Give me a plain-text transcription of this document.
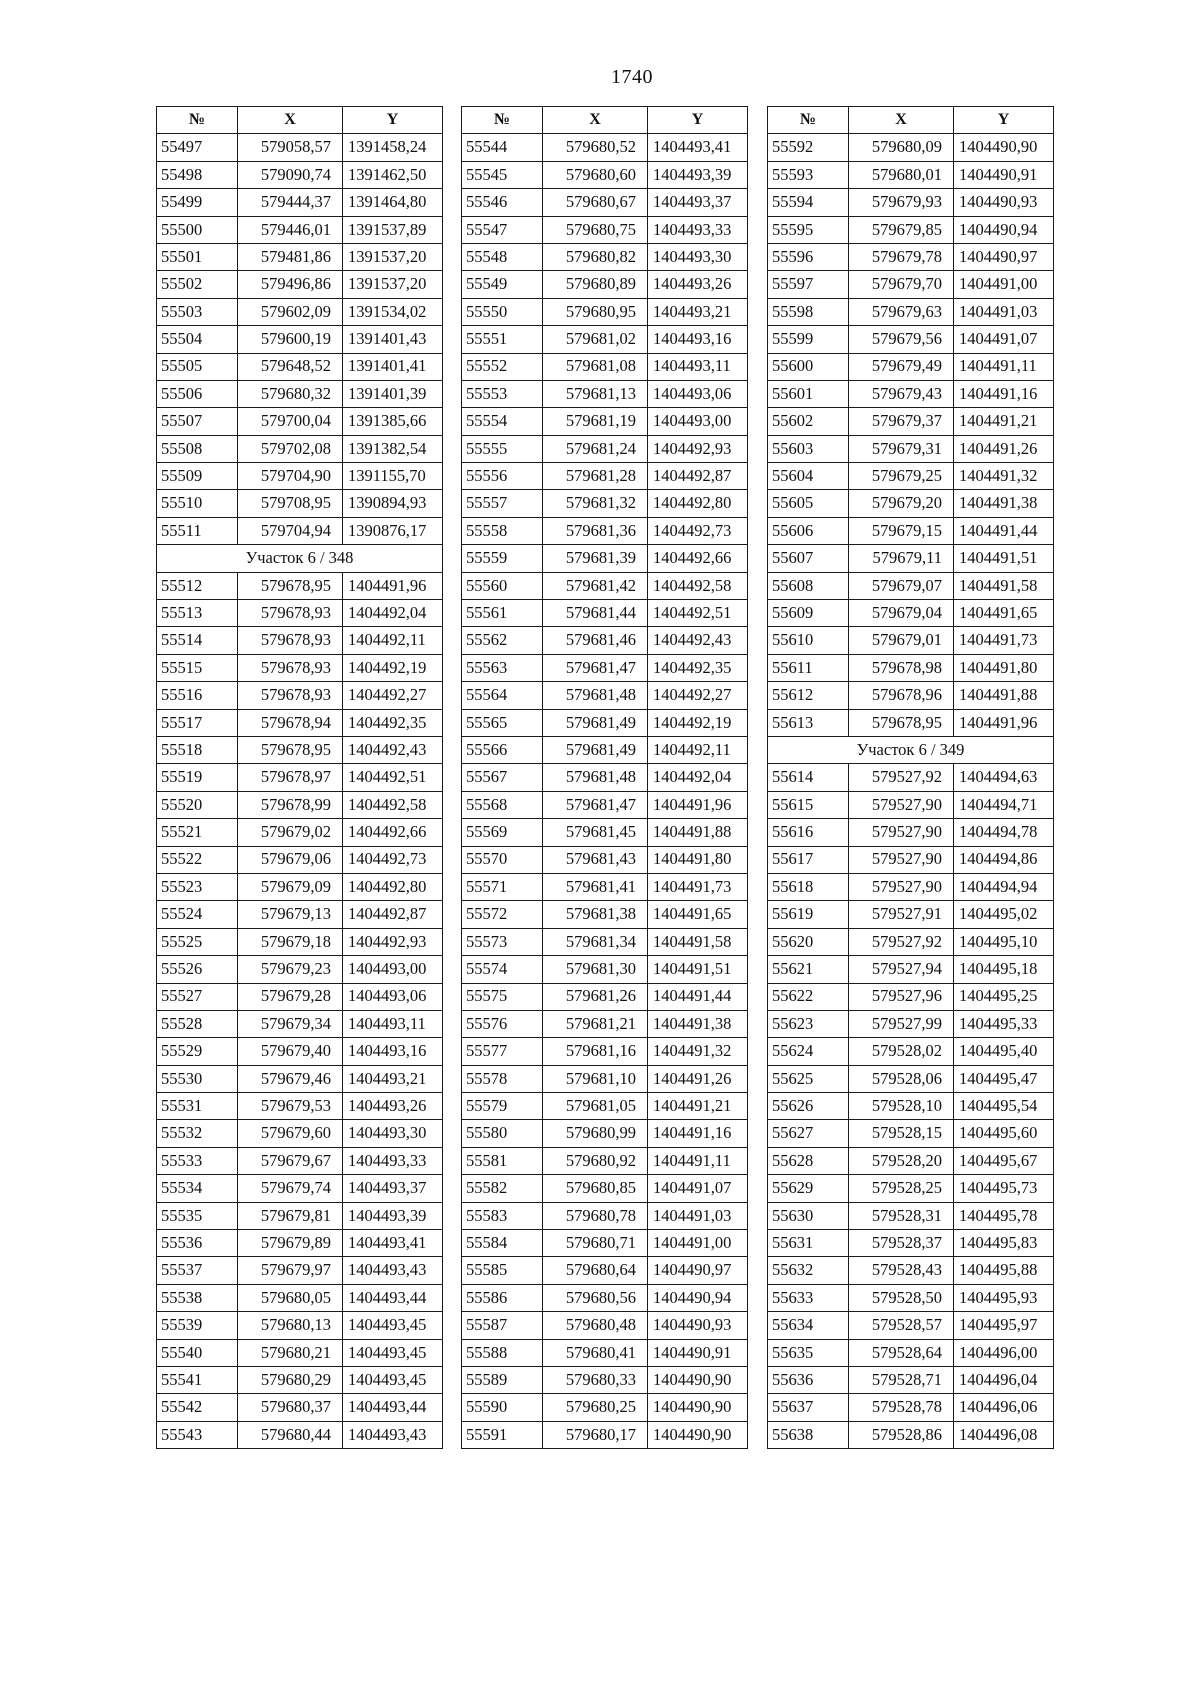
1740
№	X	Y
55497	579058,57	1391458,24
55498	579090,74	1391462,50
55499	579444,37	1391464,80
55500	579446,01	1391537,89
55501	579481,86	1391537,20
55502	579496,86	1391537,20
55503	579602,09	1391534,02
55504	579600,19	1391401,43
55505	579648,52	1391401,41
55506	579680,32	1391401,39
55507	579700,04	1391385,66
55508	579702,08	1391382,54
55509	579704,90	1391155,70
55510	579708,95	1390894,93
55511	579704,94	1390876,17
Участок 6 / 348		
55512	579678,95	1404491,96
55513	579678,93	1404492,04
55514	579678,93	1404492,11
55515	579678,93	1404492,19
55516	579678,93	1404492,27
55517	579678,94	1404492,35
55518	579678,95	1404492,43
55519	579678,97	1404492,51
55520	579678,99	1404492,58
55521	579679,02	1404492,66
55522	579679,06	1404492,73
55523	579679,09	1404492,80
55524	579679,13	1404492,87
55525	579679,18	1404492,93
55526	579679,23	1404493,00
55527	579679,28	1404493,06
55528	579679,34	1404493,11
55529	579679,40	1404493,16
55530	579679,46	1404493,21
55531	579679,53	1404493,26
55532	579679,60	1404493,30
55533	579679,67	1404493,33
55534	579679,74	1404493,37
55535	579679,81	1404493,39
55536	579679,89	1404493,41
55537	579679,97	1404493,43
55538	579680,05	1404493,44
55539	579680,13	1404493,45
55540	579680,21	1404493,45
55541	579680,29	1404493,45
55542	579680,37	1404493,44
55543	579680,44	1404493,43
№	X	Y
55544	579680,52	1404493,41
55545	579680,60	1404493,39
55546	579680,67	1404493,37
55547	579680,75	1404493,33
55548	579680,82	1404493,30
55549	579680,89	1404493,26
55550	579680,95	1404493,21
55551	579681,02	1404493,16
55552	579681,08	1404493,11
55553	579681,13	1404493,06
55554	579681,19	1404493,00
55555	579681,24	1404492,93
55556	579681,28	1404492,87
55557	579681,32	1404492,80
55558	579681,36	1404492,73
55559	579681,39	1404492,66
55560	579681,42	1404492,58
55561	579681,44	1404492,51
55562	579681,46	1404492,43
55563	579681,47	1404492,35
55564	579681,48	1404492,27
55565	579681,49	1404492,19
55566	579681,49	1404492,11
55567	579681,48	1404492,04
55568	579681,47	1404491,96
55569	579681,45	1404491,88
55570	579681,43	1404491,80
55571	579681,41	1404491,73
55572	579681,38	1404491,65
55573	579681,34	1404491,58
55574	579681,30	1404491,51
55575	579681,26	1404491,44
55576	579681,21	1404491,38
55577	579681,16	1404491,32
55578	579681,10	1404491,26
55579	579681,05	1404491,21
55580	579680,99	1404491,16
55581	579680,92	1404491,11
55582	579680,85	1404491,07
55583	579680,78	1404491,03
55584	579680,71	1404491,00
55585	579680,64	1404490,97
55586	579680,56	1404490,94
55587	579680,48	1404490,93
55588	579680,41	1404490,91
55589	579680,33	1404490,90
55590	579680,25	1404490,90
55591	579680,17	1404490,90
№	X	Y
55592	579680,09	1404490,90
55593	579680,01	1404490,91
55594	579679,93	1404490,93
55595	579679,85	1404490,94
55596	579679,78	1404490,97
55597	579679,70	1404491,00
55598	579679,63	1404491,03
55599	579679,56	1404491,07
55600	579679,49	1404491,11
55601	579679,43	1404491,16
55602	579679,37	1404491,21
55603	579679,31	1404491,26
55604	579679,25	1404491,32
55605	579679,20	1404491,38
55606	579679,15	1404491,44
55607	579679,11	1404491,51
55608	579679,07	1404491,58
55609	579679,04	1404491,65
55610	579679,01	1404491,73
55611	579678,98	1404491,80
55612	579678,96	1404491,88
55613	579678,95	1404491,96
Участок 6 / 349		
55614	579527,92	1404494,63
55615	579527,90	1404494,71
55616	579527,90	1404494,78
55617	579527,90	1404494,86
55618	579527,90	1404494,94
55619	579527,91	1404495,02
55620	579527,92	1404495,10
55621	579527,94	1404495,18
55622	579527,96	1404495,25
55623	579527,99	1404495,33
55624	579528,02	1404495,40
55625	579528,06	1404495,47
55626	579528,10	1404495,54
55627	579528,15	1404495,60
55628	579528,20	1404495,67
55629	579528,25	1404495,73
55630	579528,31	1404495,78
55631	579528,37	1404495,83
55632	579528,43	1404495,88
55633	579528,50	1404495,93
55634	579528,57	1404495,97
55635	579528,64	1404496,00
55636	579528,71	1404496,04
55637	579528,78	1404496,06
55638	579528,86	1404496,08
